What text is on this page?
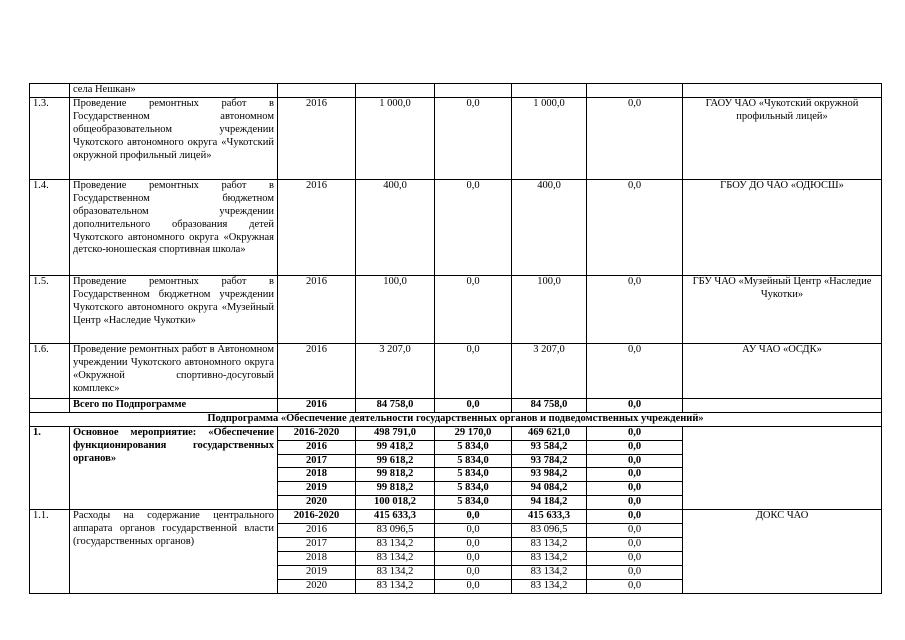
	села Нешкан»						
1.3.	Проведение ремонтных работ в Государственном автономном общеобразовательном учреждении Чукотского автономного округа «Чукотский окружной профильный лицей»	2016	1 000,0	0,0	1 000,0	0,0	ГАОУ ЧАО «Чукотский окружной профильный лицей»
1.4.	Проведение ремонтных работ в Государственном бюджетном образовательном учреждении дополнительного образования детей Чукотского автономного округа «Окружная детско-юношеская спортивная школа»	2016	400,0	0,0	400,0	0,0	ГБОУ ДО ЧАО «ОДЮСШ»
1.5.	Проведение ремонтных работ в Государственном бюджетном учреждении Чукотского автономного округа «Музейный Центр «Наследие Чукотки»	2016	100,0	0,0	100,0	0,0	ГБУ ЧАО «Музейный Центр «Наследие Чукотки»
1.6.	Проведение ремонтных работ в Автономном учреждении Чукотского автономного округа «Окружной спортивно-досуговый комплекс»	2016	3 207,0	0,0	3 207,0	0,0	АУ ЧАО «ОСДК»
	Всего по Подпрограмме	2016	84 758,0	0,0	84 758,0	0,0	
Подпрограмма «Обеспечение деятельности государственных органов и подведомственных учреждений»							
1.	Основное мероприятие: «Обеспечение функционирования государственных органов»	2016-2020	498 791,0	29 170,0	469 621,0	0,0	
		2016	99 418,2	5 834,0	93 584,2	0,0	
		2017	99 618,2	5 834,0	93 784,2	0,0	
		2018	99 818,2	5 834,0	93 984,2	0,0	
		2019	99 818,2	5 834,0	94 084,2	0,0	
		2020	100 018,2	5 834,0	94 184,2	0,0	
1.1.	Расходы на содержание центрального аппарата органов государственной власти (государственных органов)	2016-2020	415 633,3	0,0	415 633,3	0,0	ДОКС ЧАО
		2016	83 096,5	0,0	83 096,5	0,0	
		2017	83 134,2	0,0	83 134,2	0,0	
		2018	83 134,2	0,0	83 134,2	0,0	
		2019	83 134,2	0,0	83 134,2	0,0	
		2020	83 134,2	0,0	83 134,2	0,0	
